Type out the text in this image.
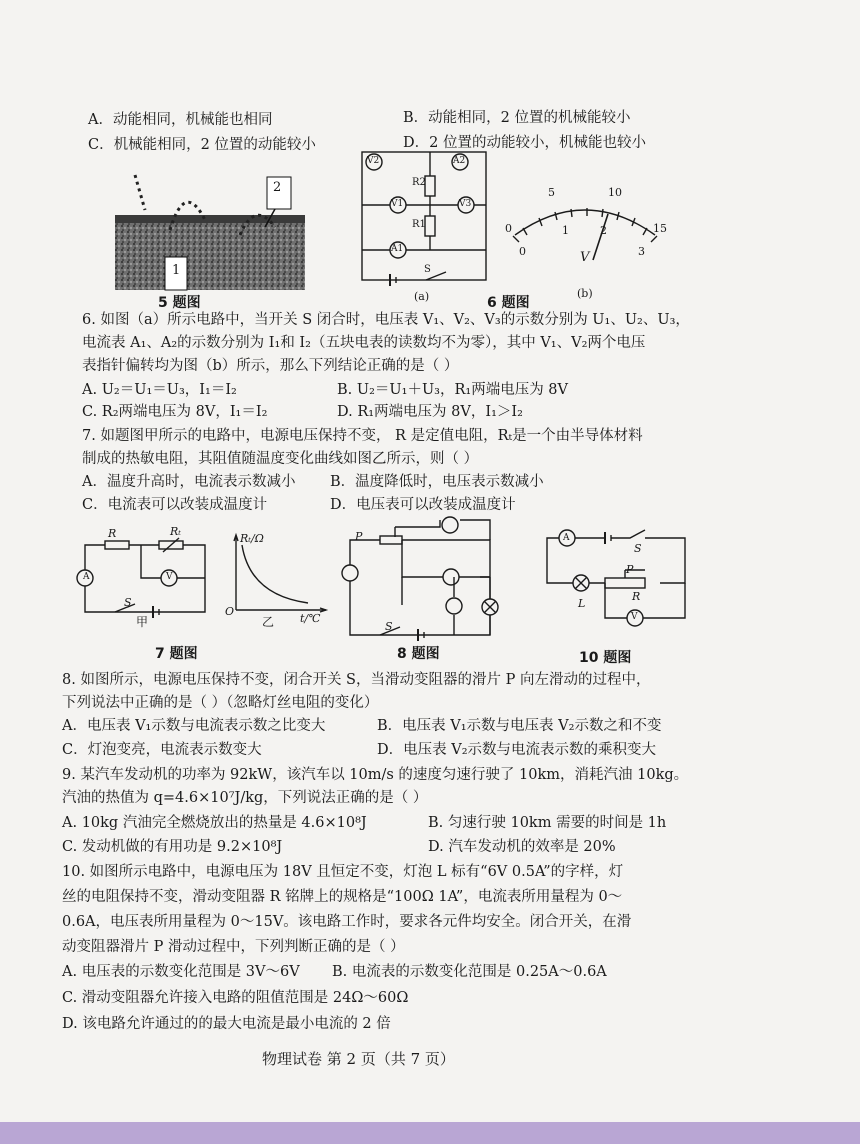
A．动能相同，机械能也相同	B．动能相同，2 位置的机械能较小
C．机械能相同，2 位置的动能较小	D．2 位置的动能较小，机械能也较小
1
2
5 题图
V2	A2
V1	V3
A1
R2
R1
S
(a)
5	10
0	15
0
1	2
3
V
(b)
6 题图
6. 如图（a）所示电路中，当开关 S 闭合时，电压表 V₁、V₂、V₃的示数分别为 U₁、U₂、U₃，
电流表 A₁、A₂的示数分别为 I₁和 I₂（五块电表的读数均不为零），其中 V₁、V₂两个电压
表指针偏转均为图（b）所示，那么下列结论正确的是（ ）
A. U₂＝U₁＝U₃，I₁＝I₂	B. U₂＝U₁＋U₃，R₁两端电压为 8V
C. R₂两端电压为 8V，I₁＝I₂	D. R₁两端电压为 8V，I₁＞I₂
7. 如题图甲所示的电路中，电源电压保持不变， R 是定值电阻，Rₜ是一个由半导体材料
制成的热敏电阻，其阻值随温度变化曲线如图乙所示，则（ ）
A．温度升高时，电流表示数减小 B．温度降低时，电压表示数减小
C．电流表可以改装成温度计	D．电压表可以改装成温度计
A	V
R	Rₜ
S
甲
Rₜ/Ω
O
t/℃
乙
7 题图
P
S
8 题图
A
V
P
R
S
L
10 题图
8. 如图所示，电源电压保持不变，闭合开关 S，当滑动变阻器的滑片 P 向左滑动的过程中，
下列说法中正确的是（ ）（忽略灯丝电阻的变化）
A．电压表 V₁示数与电流表示数之比变大	B．电压表 V₁示数与电压表 V₂示数之和不变
C．灯泡变亮，电流表示数变大	D．电压表 V₂示数与电流表示数的乘积变大
9. 某汽车发动机的功率为 92kW，该汽车以 10m/s 的速度匀速行驶了 10km，消耗汽油 10kg。
汽油的热值为 q=4.6×10⁷J/kg，下列说法正确的是（ ）
A. 10kg 汽油完全燃烧放出的热量是 4.6×10⁸J	B. 匀速行驶 10km 需要的时间是 1h
C. 发动机做的有用功是 9.2×10⁸J	D. 汽车发动机的效率是 20%
10. 如图所示电路中，电源电压为 18V 且恒定不变，灯泡 L 标有“6V 0.5A”的字样，灯
丝的电阻保持不变，滑动变阻器 R 铭牌上的规格是“100Ω 1A”，电流表所用量程为 0～
0.6A，电压表所用量程为 0～15V。该电路工作时，要求各元件均安全。闭合开关，在滑
动变阻器滑片 P 滑动过程中，下列判断正确的是（ ）
A. 电压表的示数变化范围是 3V～6V B. 电流表的示数变化范围是 0.25A～0.6A
C. 滑动变阻器允许接入电路的阻值范围是 24Ω～60Ω
D. 该电路允许通过的的最大电流是最小电流的 2 倍
物理试卷 第 2 页（共 7 页）
